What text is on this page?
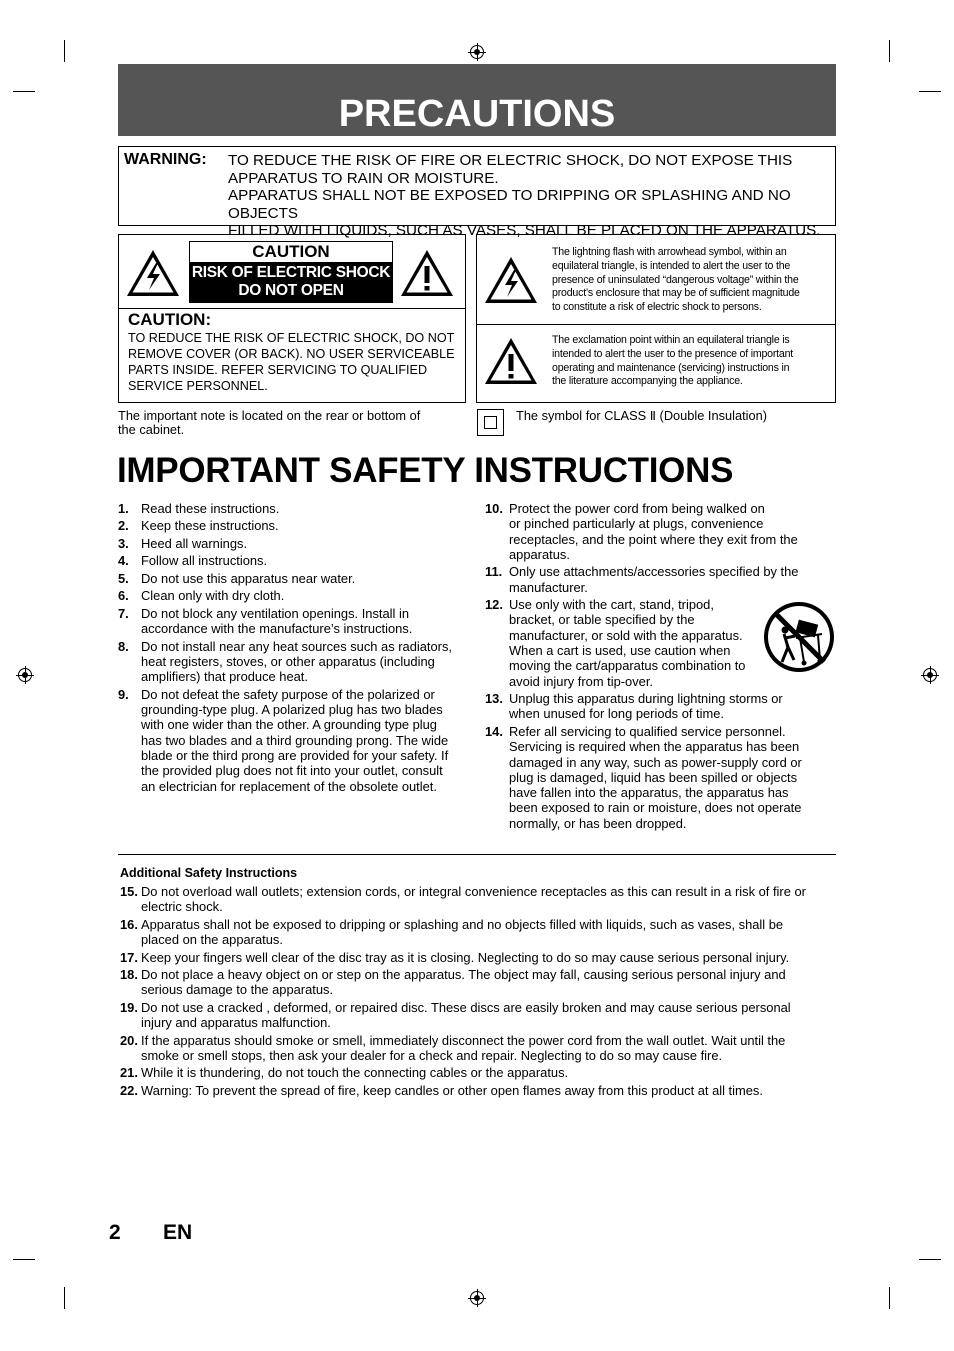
PRECAUTIONS
WARNING: TO REDUCE THE RISK OF FIRE OR ELECTRIC SHOCK, DO NOT EXPOSE THIS
APPARATUS TO RAIN OR MOISTURE.
APPARATUS SHALL NOT BE EXPOSED TO DRIPPING OR SPLASHING AND NO OBJECTS
FILLED WITH LIQUIDS, SUCH AS VASES, SHALL BE PLACED ON THE APPARATUS.
CAUTION
RISK OF ELECTRIC SHOCK
DO NOT OPEN
CAUTION:
TO REDUCE THE RISK OF ELECTRIC SHOCK, DO NOT
REMOVE COVER (OR BACK). NO USER SERVICEABLE
PARTS INSIDE. REFER SERVICING TO QUALIFIED
SERVICE PERSONNEL.
The lightning flash with arrowhead symbol, within an
equilateral triangle, is intended to alert the user to the
presence of uninsulated “dangerous voltage” within the
product’s enclosure that may be of sufficient magnitude
to constitute a risk of electric shock to persons.
The exclamation point within an equilateral triangle is
intended to alert the user to the presence of important
operating and maintenance (servicing) instructions in
the literature accompanying the appliance.
The important note is located on the rear or bottom of
the cabinet.
The symbol for CLASS Ⅱ (Double Insulation)
IMPORTANT SAFETY INSTRUCTIONS
1. Read these instructions.
2. Keep these instructions.
3. Heed all warnings.
4. Follow all instructions.
5. Do not use this apparatus near water.
6. Clean only with dry cloth.
7. Do not block any ventilation openings. Install in
accordance with the manufacture’s instructions.
8. Do not install near any heat sources such as radiators,
heat registers, stoves, or other apparatus (including
amplifiers) that produce heat.
9. Do not defeat the safety purpose of the polarized or
grounding-type plug. A polarized plug has two blades
with one wider than the other. A grounding type plug
has two blades and a third grounding prong. The wide
blade or the third prong are provided for your safety. If
the provided plug does not fit into your outlet, consult
an electrician for replacement of the obsolete outlet.
10. Protect the power cord from being walked on
or pinched particularly at plugs, convenience
receptacles, and the point where they exit from the
apparatus.
11. Only use attachments/accessories specified by the
manufacturer.
12. Use only with the cart, stand, tripod,
bracket, or table specified by the
manufacturer, or sold with the apparatus.
When a cart is used, use caution when
moving the cart/apparatus combination to
avoid injury from tip-over.
13. Unplug this apparatus during lightning storms or
when unused for long periods of time.
14. Refer all servicing to qualified service personnel.
Servicing is required when the apparatus has been
damaged in any way, such as power-supply cord or
plug is damaged, liquid has been spilled or objects
have fallen into the apparatus, the apparatus has
been exposed to rain or moisture, does not operate
normally, or has been dropped.
Additional Safety Instructions
15. Do not overload wall outlets; extension cords, or integral convenience receptacles as this can result in a risk of fire or
electric shock.
16. Apparatus shall not be exposed to dripping or splashing and no objects filled with liquids, such as vases, shall be
placed on the apparatus.
17. Keep your fingers well clear of the disc tray as it is closing. Neglecting to do so may cause serious personal injury.
18. Do not place a heavy object on or step on the apparatus. The object may fall, causing serious personal injury and
serious damage to the apparatus.
19. Do not use a cracked , deformed, or repaired disc. These discs are easily broken and may cause serious personal
injury and apparatus malfunction.
20. If the apparatus should smoke or smell, immediately disconnect the power cord from the wall outlet. Wait until the
smoke or smell stops, then ask your dealer for a check and repair. Neglecting to do so may cause fire.
21. While it is thundering, do not touch the connecting cables or the apparatus.
22. Warning: To prevent the spread of fire, keep candles or other open flames away from this product at all times.
2 EN
